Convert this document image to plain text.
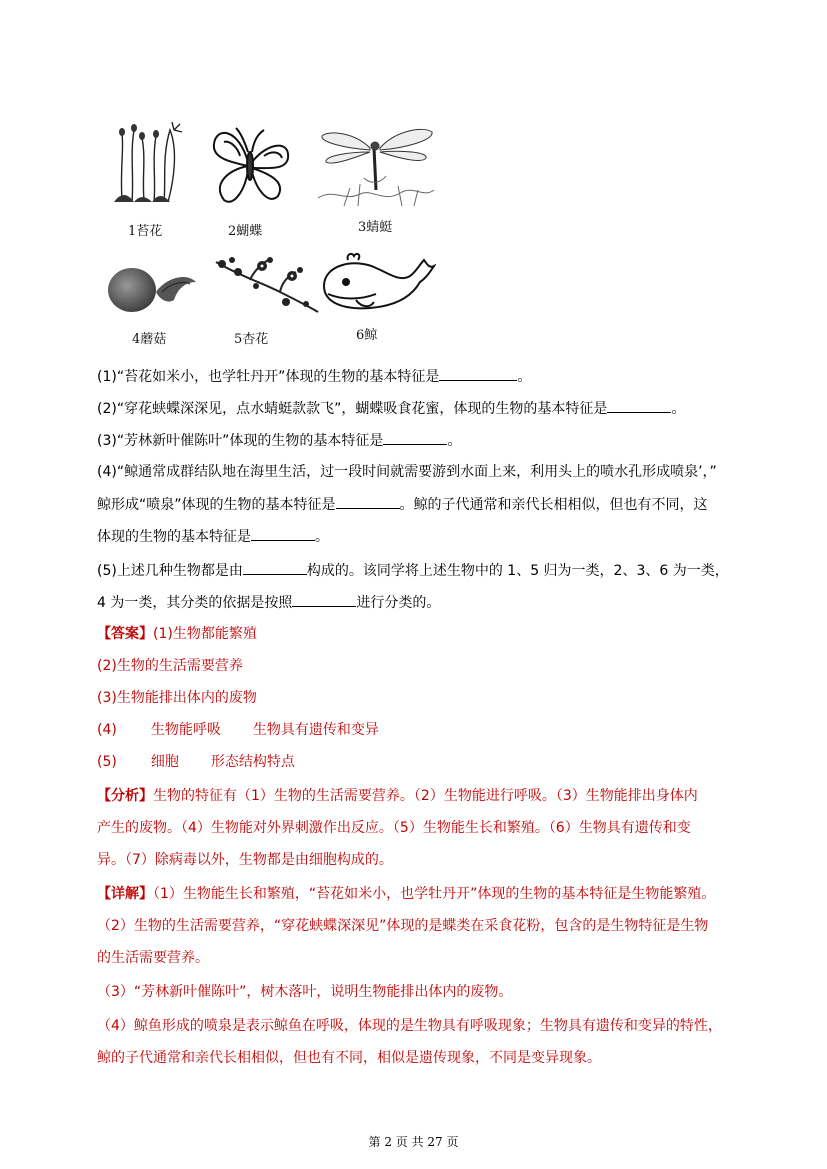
1苔花	2蝴蝶	3蜻蜓
4蘑菇	5杏花	6鲸
(1)“苔花如米小，也学牡丹开”体现的生物的基本特征是	。
(2)“穿花蛱蝶深深见，点水蜻蜓款款飞”，蝴蝶吸食花蜜，体现的生物的基本特征是	。
(3)“芳林新叶催陈叶”体现的生物的基本特征是	。
(4)“鲸通常成群结队地在海里生活，过一段时间就需要游到水面上来，利用头上的喷水孔形成喷泉’，”
鲸形成“喷泉”体现的生物的基本特征是	。鲸的子代通常和亲代长相相似，但也有不同，这
体现的生物的基本特征是	。
(5)上述几种生物都是由	构成的。该同学将上述生物中的 1、5 归为一类，2、3、6 为一类，
4 为一类，其分类的依据是按照	进行分类的。
【答案】(1)生物都能繁殖
(2)生物的生活需要营养
(3)生物能排出体内的废物
(4) 生物能呼吸 生物具有遗传和变异
(5) 细胞 形态结构特点
【分析】生物的特征有（1）生物的生活需要营养。（2）生物能进行呼吸。（3）生物能排出身体内
产生的废物。（4）生物能对外界刺激作出反应。（5）生物能生长和繁殖。（6）生物具有遗传和变
异。（7）除病毒以外，生物都是由细胞构成的。
【详解】（1）生物能生长和繁殖，“苔花如米小，也学牡丹开”体现的生物的基本特征是生物能繁殖。
（2）生物的生活需要营养，“穿花蛱蝶深深见”体现的是蝶类在采食花粉，包含的是生物特征是生物
的生活需要营养。
（3）“芳林新叶催陈叶”，树木落叶，说明生物能排出体内的废物。
（4）鲸鱼形成的喷泉是表示鲸鱼在呼吸，体现的是生物具有呼吸现象；生物具有遗传和变异的特性，
鲸的子代通常和亲代长相相似，但也有不同，相似是遗传现象，不同是变异现象。
第 2 页 共 27 页
